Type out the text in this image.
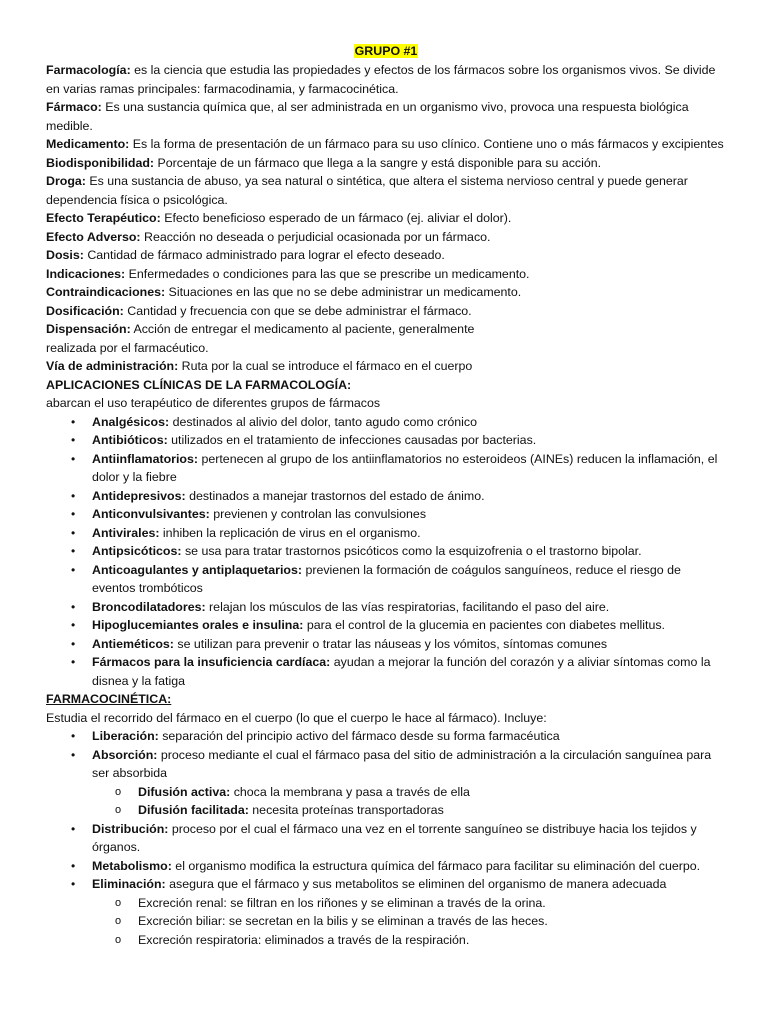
GRUPO #1

Farmacología: es la ciencia que estudia las propiedades y efectos de los fármacos sobre los organismos vivos. Se divide en varias ramas principales: farmacodinamia, y farmacocinética.

Fármaco: Es una sustancia química que, al ser administrada en un organismo vivo, provoca una respuesta biológica medible.

Medicamento: Es la forma de presentación de un fármaco para su uso clínico. Contiene uno o más fármacos y excipientes

Biodisponibilidad: Porcentaje de un fármaco que llega a la sangre y está disponible para su acción.

Droga: Es una sustancia de abuso, ya sea natural o sintética, que altera el sistema nervioso central y puede generar dependencia física o psicológica.

Efecto Terapéutico: Efecto beneficioso esperado de un fármaco (ej. aliviar el dolor).

Efecto Adverso: Reacción no deseada o perjudicial ocasionada por un fármaco.

Dosis: Cantidad de fármaco administrado para lograr el efecto deseado.

Indicaciones: Enfermedades o condiciones para las que se prescribe un medicamento.

Contraindicaciones: Situaciones en las que no se debe administrar un medicamento.

Dosificación: Cantidad y frecuencia con que se debe administrar el fármaco.

Dispensación: Acción de entregar el medicamento al paciente, generalmente
realizada por el farmacéutico.

Vía de administración: Ruta por la cual se introduce el fármaco en el cuerpo

APLICACIONES CLÍNICAS DE LA FARMACOLOGÍA:

abarcan el uso terapéutico de diferentes grupos de fármacos

• Analgésicos: destinados al alivio del dolor, tanto agudo como crónico
• Antibióticos: utilizados en el tratamiento de infecciones causadas por bacterias.
• Antiinflamatorios: pertenecen al grupo de los antiinflamatorios no esteroideos (AINEs) reducen la inflamación, el dolor y la fiebre
• Antidepresivos: destinados a manejar trastornos del estado de ánimo.
• Anticonvulsivantes: previenen y controlan las convulsiones
• Antivirales: inhiben la replicación de virus en el organismo.
• Antipsicóticos: se usa para tratar trastornos psicóticos como la esquizofrenia o el trastorno bipolar.
• Anticoagulantes y antiplaquetarios: previenen la formación de coágulos sanguíneos, reduce el riesgo de eventos trombóticos
• Broncodilatadores: relajan los músculos de las vías respiratorias, facilitando el paso del aire.
• Hipoglucemiantes orales e insulina: para el control de la glucemia en pacientes con diabetes mellitus.
• Antieméticos: se utilizan para prevenir o tratar las náuseas y los vómitos, síntomas comunes
• Fármacos para la insuficiencia cardíaca: ayudan a mejorar la función del corazón y a aliviar síntomas como la disnea y la fatiga

FARMACOCINÉTICA:

Estudia el recorrido del fármaco en el cuerpo (lo que el cuerpo le hace al fármaco). Incluye:

• Liberación: separación del principio activo del fármaco desde su forma farmacéutica
• Absorción: proceso mediante el cual el fármaco pasa del sitio de administración a la circulación sanguínea para ser absorbida
o Difusión activa: choca la membrana y pasa a través de ella
o Difusión facilitada: necesita proteínas transportadoras
• Distribución: proceso por el cual el fármaco una vez en el torrente sanguíneo se distribuye hacia los tejidos y órganos.
• Metabolismo: el organismo modifica la estructura química del fármaco para facilitar su eliminación del cuerpo.
• Eliminación: asegura que el fármaco y sus metabolitos se eliminen del organismo de manera adecuada
o Excreción renal: se filtran en los riñones y se eliminan a través de la orina.
o Excreción biliar: se secretan en la bilis y se eliminan a través de las heces.
o Excreción respiratoria: eliminados a través de la respiración.
